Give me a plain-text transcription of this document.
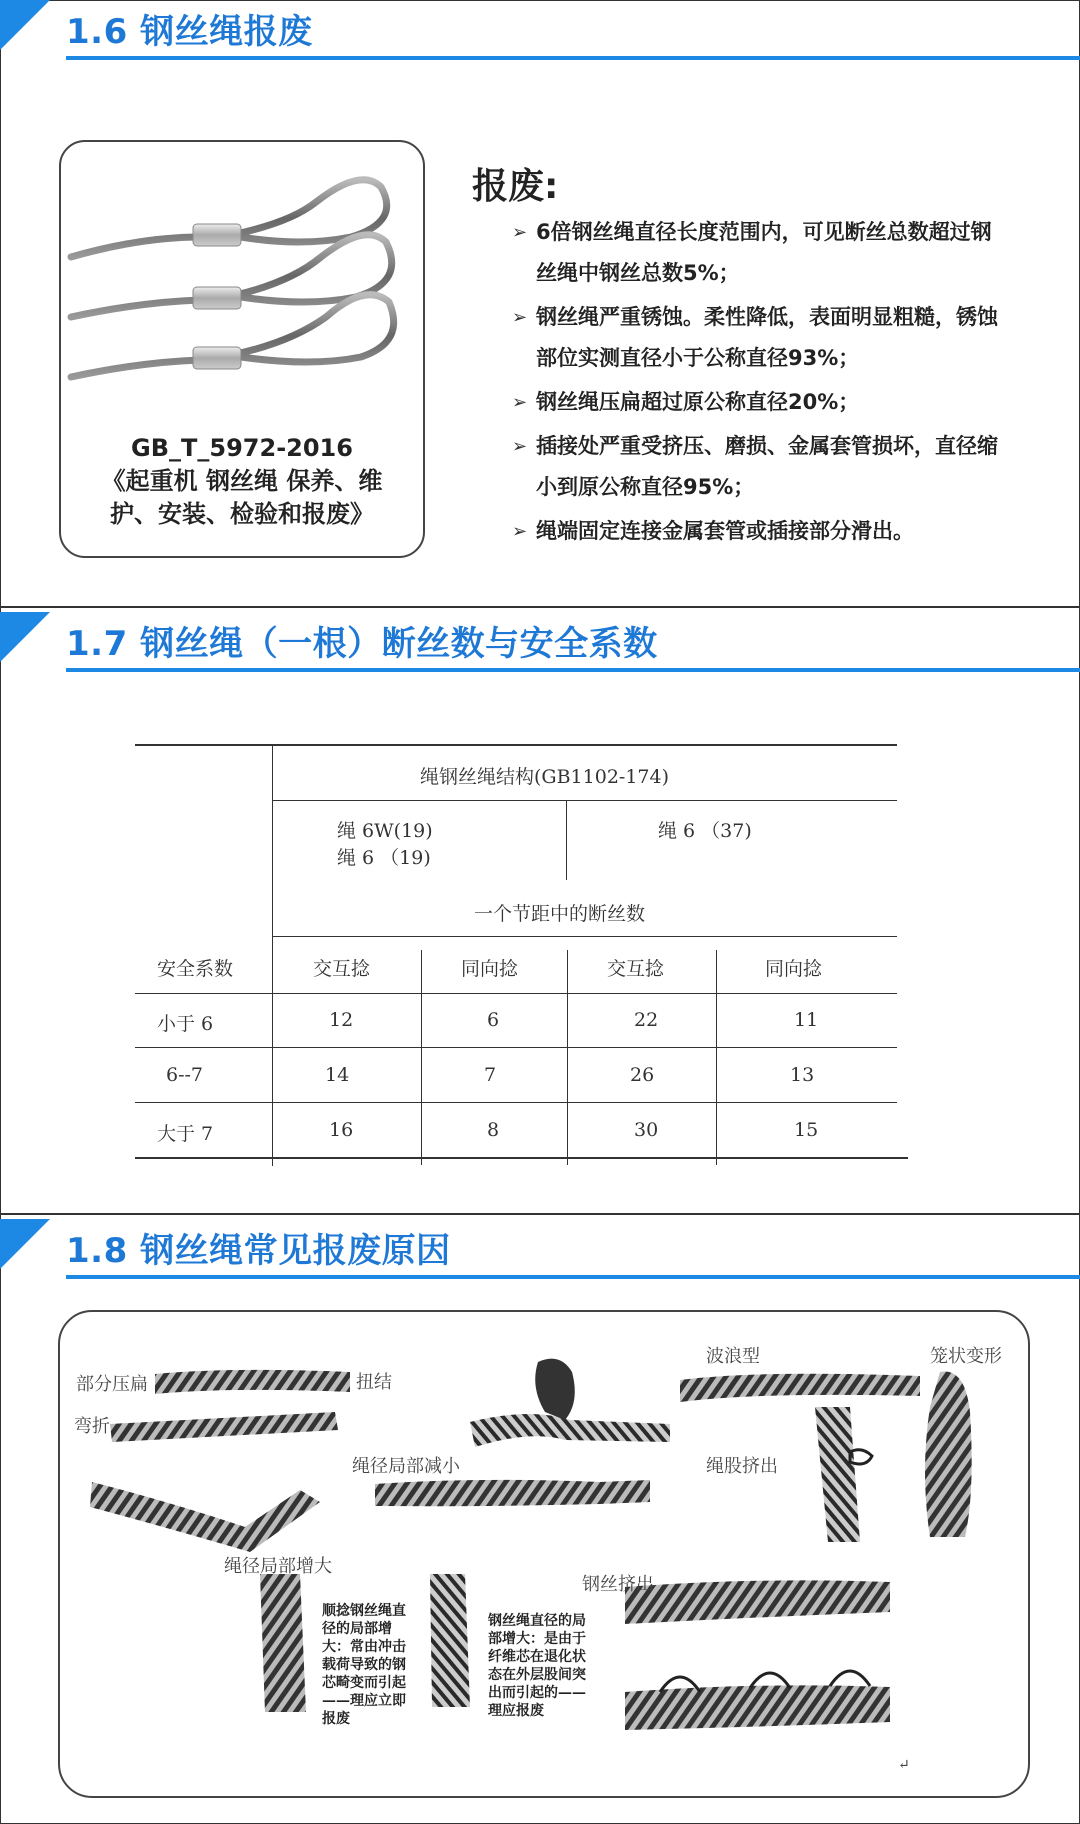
1.6 钢丝绳报废
GB_T_5972-2016
《起重机 钢丝绳 保养、维
护、安装、检验和报废》
报废:
➢ 6倍钢丝绳直径长度范围内，可见断丝总数超过钢丝绳中钢丝总数5%；
➢ 钢丝绳严重锈蚀。柔性降低，表面明显粗糙，锈蚀部位实测直径小于公称直径93%；
➢ 钢丝绳压扁超过原公称直径20%；
➢ 插接处严重受挤压、磨损、金属套管损坏，直径缩小到原公称直径95%；
➢ 绳端固定连接金属套管或插接部分滑出。
1.7 钢丝绳（一根）断丝数与安全系数
绳钢丝绳结构(GB1102-174)
绳 6W(19)
绳 6 （19)
绳 6 （37)
一个节距中的断丝数
安全系数	交互捻	同向捻	交互捻	同向捻
小于 6	12	6	22	11
6--7	14	7	26	13
大于 7	16	8	30	15
1.8 钢丝绳常见报废原因
部分压扁	扭结
弯折
绳径局部减小
波浪型	笼状变形
绳股挤出
绳径局部增大
钢丝挤出
顺捻钢丝绳直径的局部增大：常由冲击载荷导致的钢芯畸变而引起——理应立即报废
钢丝绳直径的局部增大：是由于纤维芯在退化状态在外层股间突出而引起的——理应报废
↵
